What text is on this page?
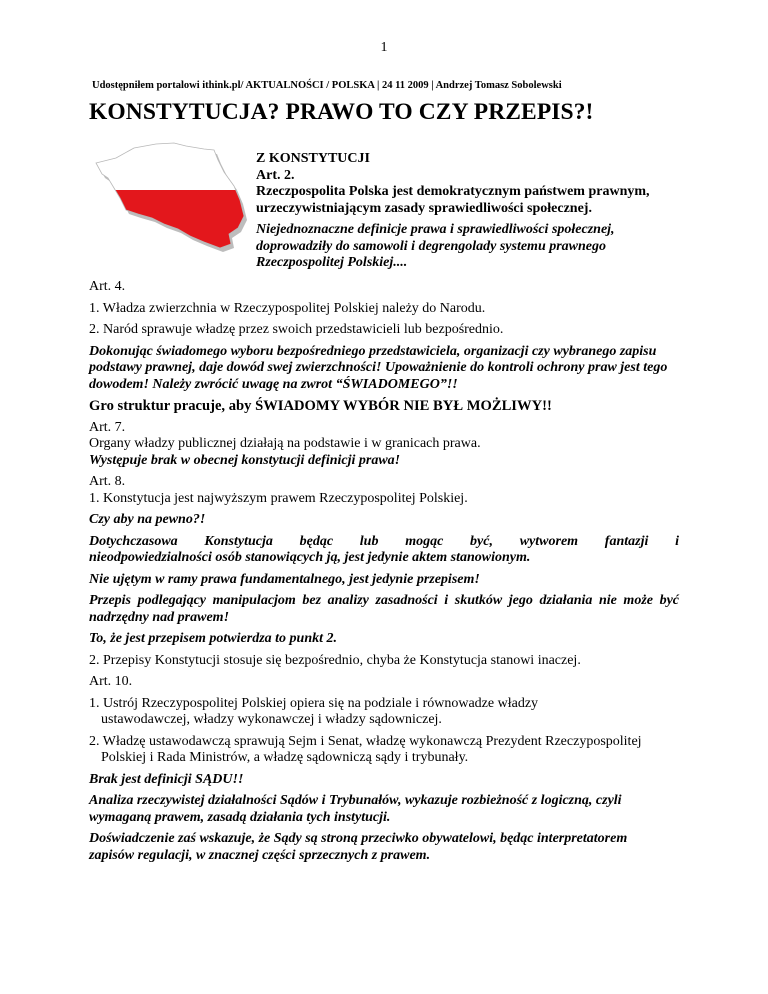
1
Udostępniłem portalowi ithink.pl/ AKTUALNOŚCI / POLSKA | 24 11 2009 | Andrzej Tomasz Sobolewski
KONSTYTUCJA? PRAWO TO CZY PRZEPIS?!
Z KONSTYTUCJI
Art. 2.
Rzeczpospolita Polska jest demokratycznym państwem prawnym, urzeczywistniającym zasady sprawiedliwości społecznej.
Niejednoznaczne definicje prawa i sprawiedliwości społecznej, doprowadziły do samowoli i degrengolady systemu prawnego Rzeczpospolitej Polskiej....

Art. 4.

1. Władza zwierzchnia w Rzeczypospolitej Polskiej należy do Narodu.

2. Naród sprawuje władzę przez swoich przedstawicieli lub bezpośrednio.

Dokonując świadomego wyboru bezpośredniego przedstawiciela, organizacji czy wybranego zapisu podstawy prawnej, daje dowód swej zwierzchności! Upoważnienie do kontroli ochrony praw jest tego dowodem! Należy zwrócić uwagę na zwrot “ŚWIADOMEGO”!!

Gro struktur pracuje, aby ŚWIADOMY WYBÓR NIE BYŁ MOŻLIWY!!

Art. 7.

Organy władzy publicznej działają na podstawie i w granicach prawa.

Występuje brak w obecnej konstytucji definicji prawa!

Art. 8.

1. Konstytucja jest najwyższym prawem Rzeczypospolitej Polskiej.

Czy aby na pewno?!

Dotychczasowa Konstytucja będąc lub mogąc być, wytworem fantazji i

nieodpowiedzialności osób stanowiących ją, jest jedynie aktem stanowionym.

Nie ujętym w ramy prawa fundamentalnego, jest jedynie przepisem!

Przepis podlegający manipulacjom bez analizy zasadności i skutków jego działania nie może być nadrzędny nad prawem!

To, że jest przepisem potwierdza to punkt 2.

2. Przepisy Konstytucji stosuje się bezpośrednio, chyba że Konstytucja stanowi inaczej.

Art. 10.

1. Ustrój Rzeczypospolitej Polskiej opiera się na podziale i równowadze władzy ustawodawczej, władzy wykonawczej i władzy sądowniczej.

2. Władzę ustawodawczą sprawują Sejm i Senat, władzę wykonawczą Prezydent Rzeczypospolitej Polskiej i Rada Ministrów, a władzę sądowniczą sądy i trybunały.

Brak jest definicji SĄDU!!

Analiza rzeczywistej działalności Sądów i Trybunałów, wykazuje rozbieżność z logiczną, czyli wymaganą prawem, zasadą działania tych instytucji.

Doświadczenie zaś wskazuje, że Sądy są stroną przeciwko obywatelowi, będąc interpretatorem zapisów regulacji, w znacznej części sprzecznych z prawem.
